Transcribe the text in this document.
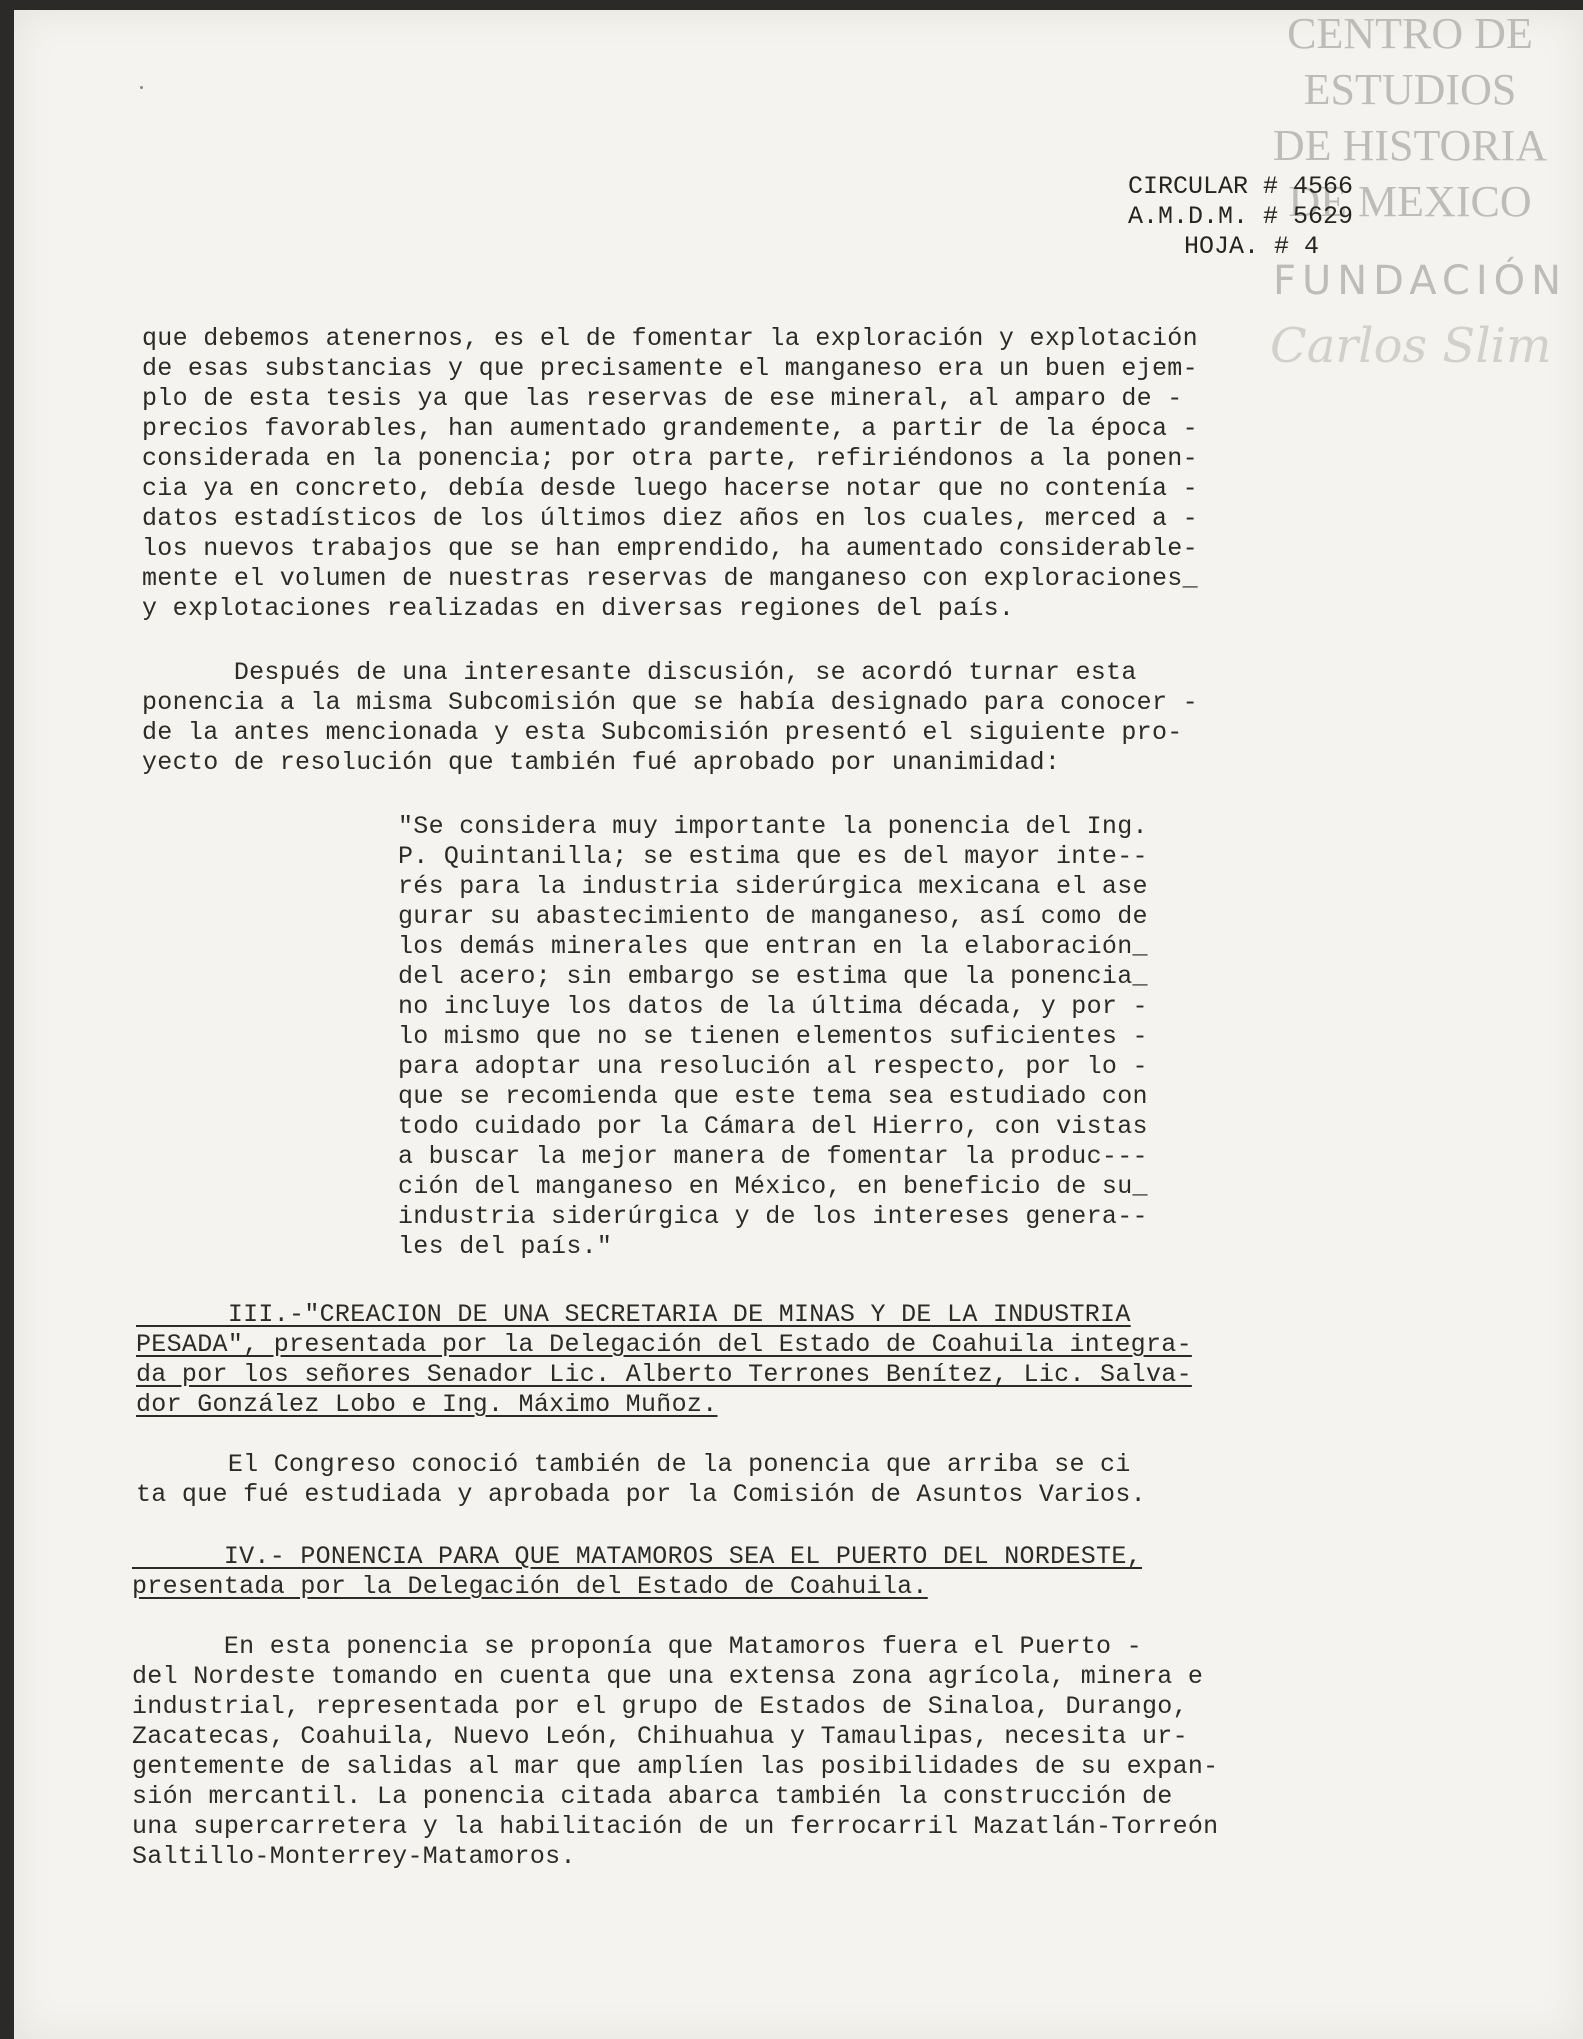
CENTRO DE
ESTUDIOS
DE HISTORIA
DE MEXICO
FUNDACIÓN
Carlos Slim
CIRCULAR # 4566
A.M.D.M. # 5629
HOJA. # 4
que debemos atenernos, es el de fomentar la exploración y explotación
de esas substancias y que precisamente el manganeso era un buen ejem-
plo de esta tesis ya que las reservas de ese mineral, al amparo de -
precios favorables, han aumentado grandemente, a partir de la época -
considerada en la ponencia; por otra parte, refiriéndonos a la ponen-
cia ya en concreto, debía desde luego hacerse notar que no contenía -
datos estadísticos de los últimos diez años en los cuales, merced a -
los nuevos trabajos que se han emprendido, ha aumentado considerable-
mente el volumen de nuestras reservas de manganeso con exploraciones_
y explotaciones realizadas en diversas regiones del país.
Después de una interesante discusión, se acordó turnar esta
ponencia a la misma Subcomisión que se había designado para conocer -
de la antes mencionada y esta Subcomisión presentó el siguiente pro-
yecto de resolución que también fué aprobado por unanimidad:
"Se considera muy importante la ponencia del Ing.
P. Quintanilla; se estima que es del mayor inte--
rés para la industria siderúrgica mexicana el ase
gurar su abastecimiento de manganeso, así como de
los demás minerales que entran en la elaboración_
del acero; sin embargo se estima que la ponencia_
no incluye los datos de la última década, y por -
lo mismo que no se tienen elementos suficientes -
para adoptar una resolución al respecto, por lo -
que se recomienda que este tema sea estudiado con
todo cuidado por la Cámara del Hierro, con vistas
a buscar la mejor manera de fomentar la produc---
ción del manganeso en México, en beneficio de su_
industria siderúrgica y de los intereses genera--
les del país."
III.-"CREACION DE UNA SECRETARIA DE MINAS Y DE LA INDUSTRIA
PESADA", presentada por la Delegación del Estado de Coahuila integra-
da por los señores Senador Lic. Alberto Terrones Benítez, Lic. Salva-
dor González Lobo e Ing. Máximo Muñoz.
El Congreso conoció también de la ponencia que arriba se ci
ta que fué estudiada y aprobada por la Comisión de Asuntos Varios.
IV.- PONENCIA PARA QUE MATAMOROS SEA EL PUERTO DEL NORDESTE,
presentada por la Delegación del Estado de Coahuila.
En esta ponencia se proponía que Matamoros fuera el Puerto -
del Nordeste tomando en cuenta que una extensa zona agrícola, minera e
industrial, representada por el grupo de Estados de Sinaloa, Durango,
Zacatecas, Coahuila, Nuevo León, Chihuahua y Tamaulipas, necesita ur-
gentemente de salidas al mar que amplíen las posibilidades de su expan-
sión mercantil. La ponencia citada abarca también la construcción de
una supercarretera y la habilitación de un ferrocarril Mazatlán-Torreón
Saltillo-Monterrey-Matamoros.
